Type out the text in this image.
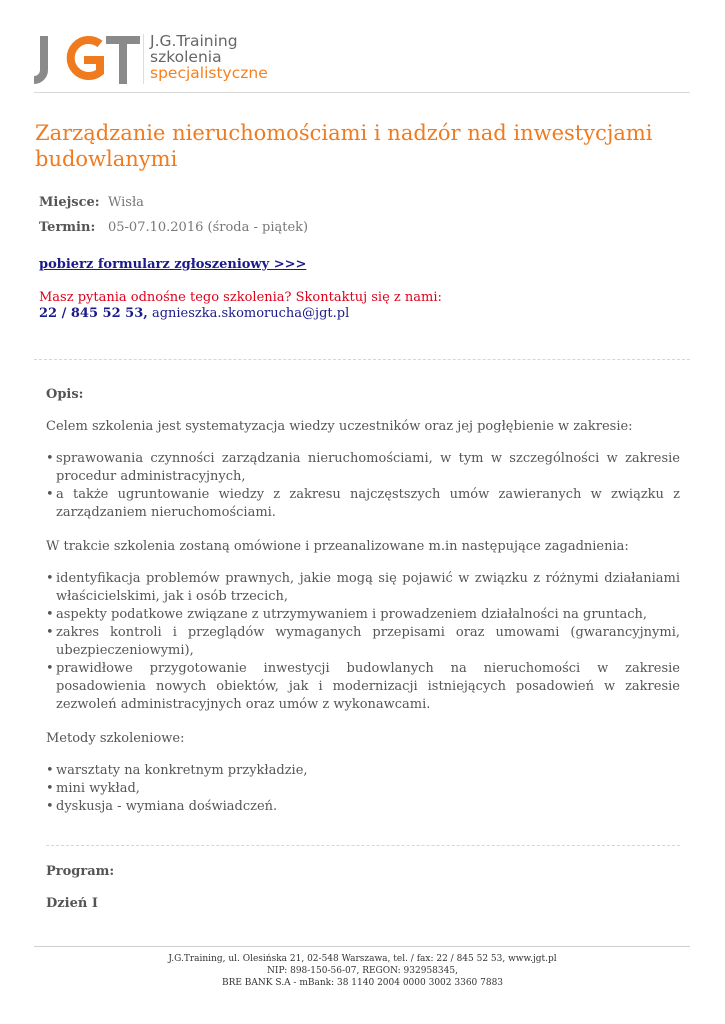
J.G.Training
szkolenia
specjalistyczne
Zarządzanie nieruchomościami i nadzór nad inwestycjami budowlanymi
Miejsce: Wisła
Termin: 05-07.10.2016 (środa - piątek)
pobierz formularz zgłoszeniowy >>>
Masz pytania odnośne tego szkolenia? Skontaktuj się z nami:
22 / 845 52 53, agnieszka.skomorucha@jgt.pl

Opis:

Celem szkolenia jest systematyzacja wiedzy uczestników oraz jej pogłębienie w zakresie:

• sprawowania czynności zarządzania nieruchomościami, w tym w szczególności w zakresie procedur administracyjnych,
• a także ugruntowanie wiedzy z zakresu najczęstszych umów zawieranych w związku z zarządzaniem nieruchomościami.

W trakcie szkolenia zostaną omówione i przeanalizowane m.in następujące zagadnienia:

• identyfikacja problemów prawnych, jakie mogą się pojawić w związku z różnymi działaniami właścicielskimi, jak i osób trzecich,
• aspekty podatkowe związane z utrzymywaniem i prowadzeniem działalności na gruntach,
• zakres kontroli i przeglądów wymaganych przepisami oraz umowami (gwarancyjnymi, ubezpieczeniowymi),
• prawidłowe przygotowanie inwestycji budowlanych na nieruchomości w zakresie posadowienia nowych obiektów, jak i modernizacji istniejących posadowień w zakresie zezwoleń administracyjnych oraz umów z wykonawcami.

Metody szkoleniowe:

• warsztaty na konkretnym przykładzie,
• mini wykład,
• dyskusja - wymiana doświadczeń.
Program:
Dzień I
J.G.Training, ul. Olesińska 21, 02-548 Warszawa, tel. / fax: 22 / 845 52 53, www.jgt.pl
NIP: 898-150-56-07, REGON: 932958345,
BRE BANK S.A - mBank: 38 1140 2004 0000 3002 3360 7883
